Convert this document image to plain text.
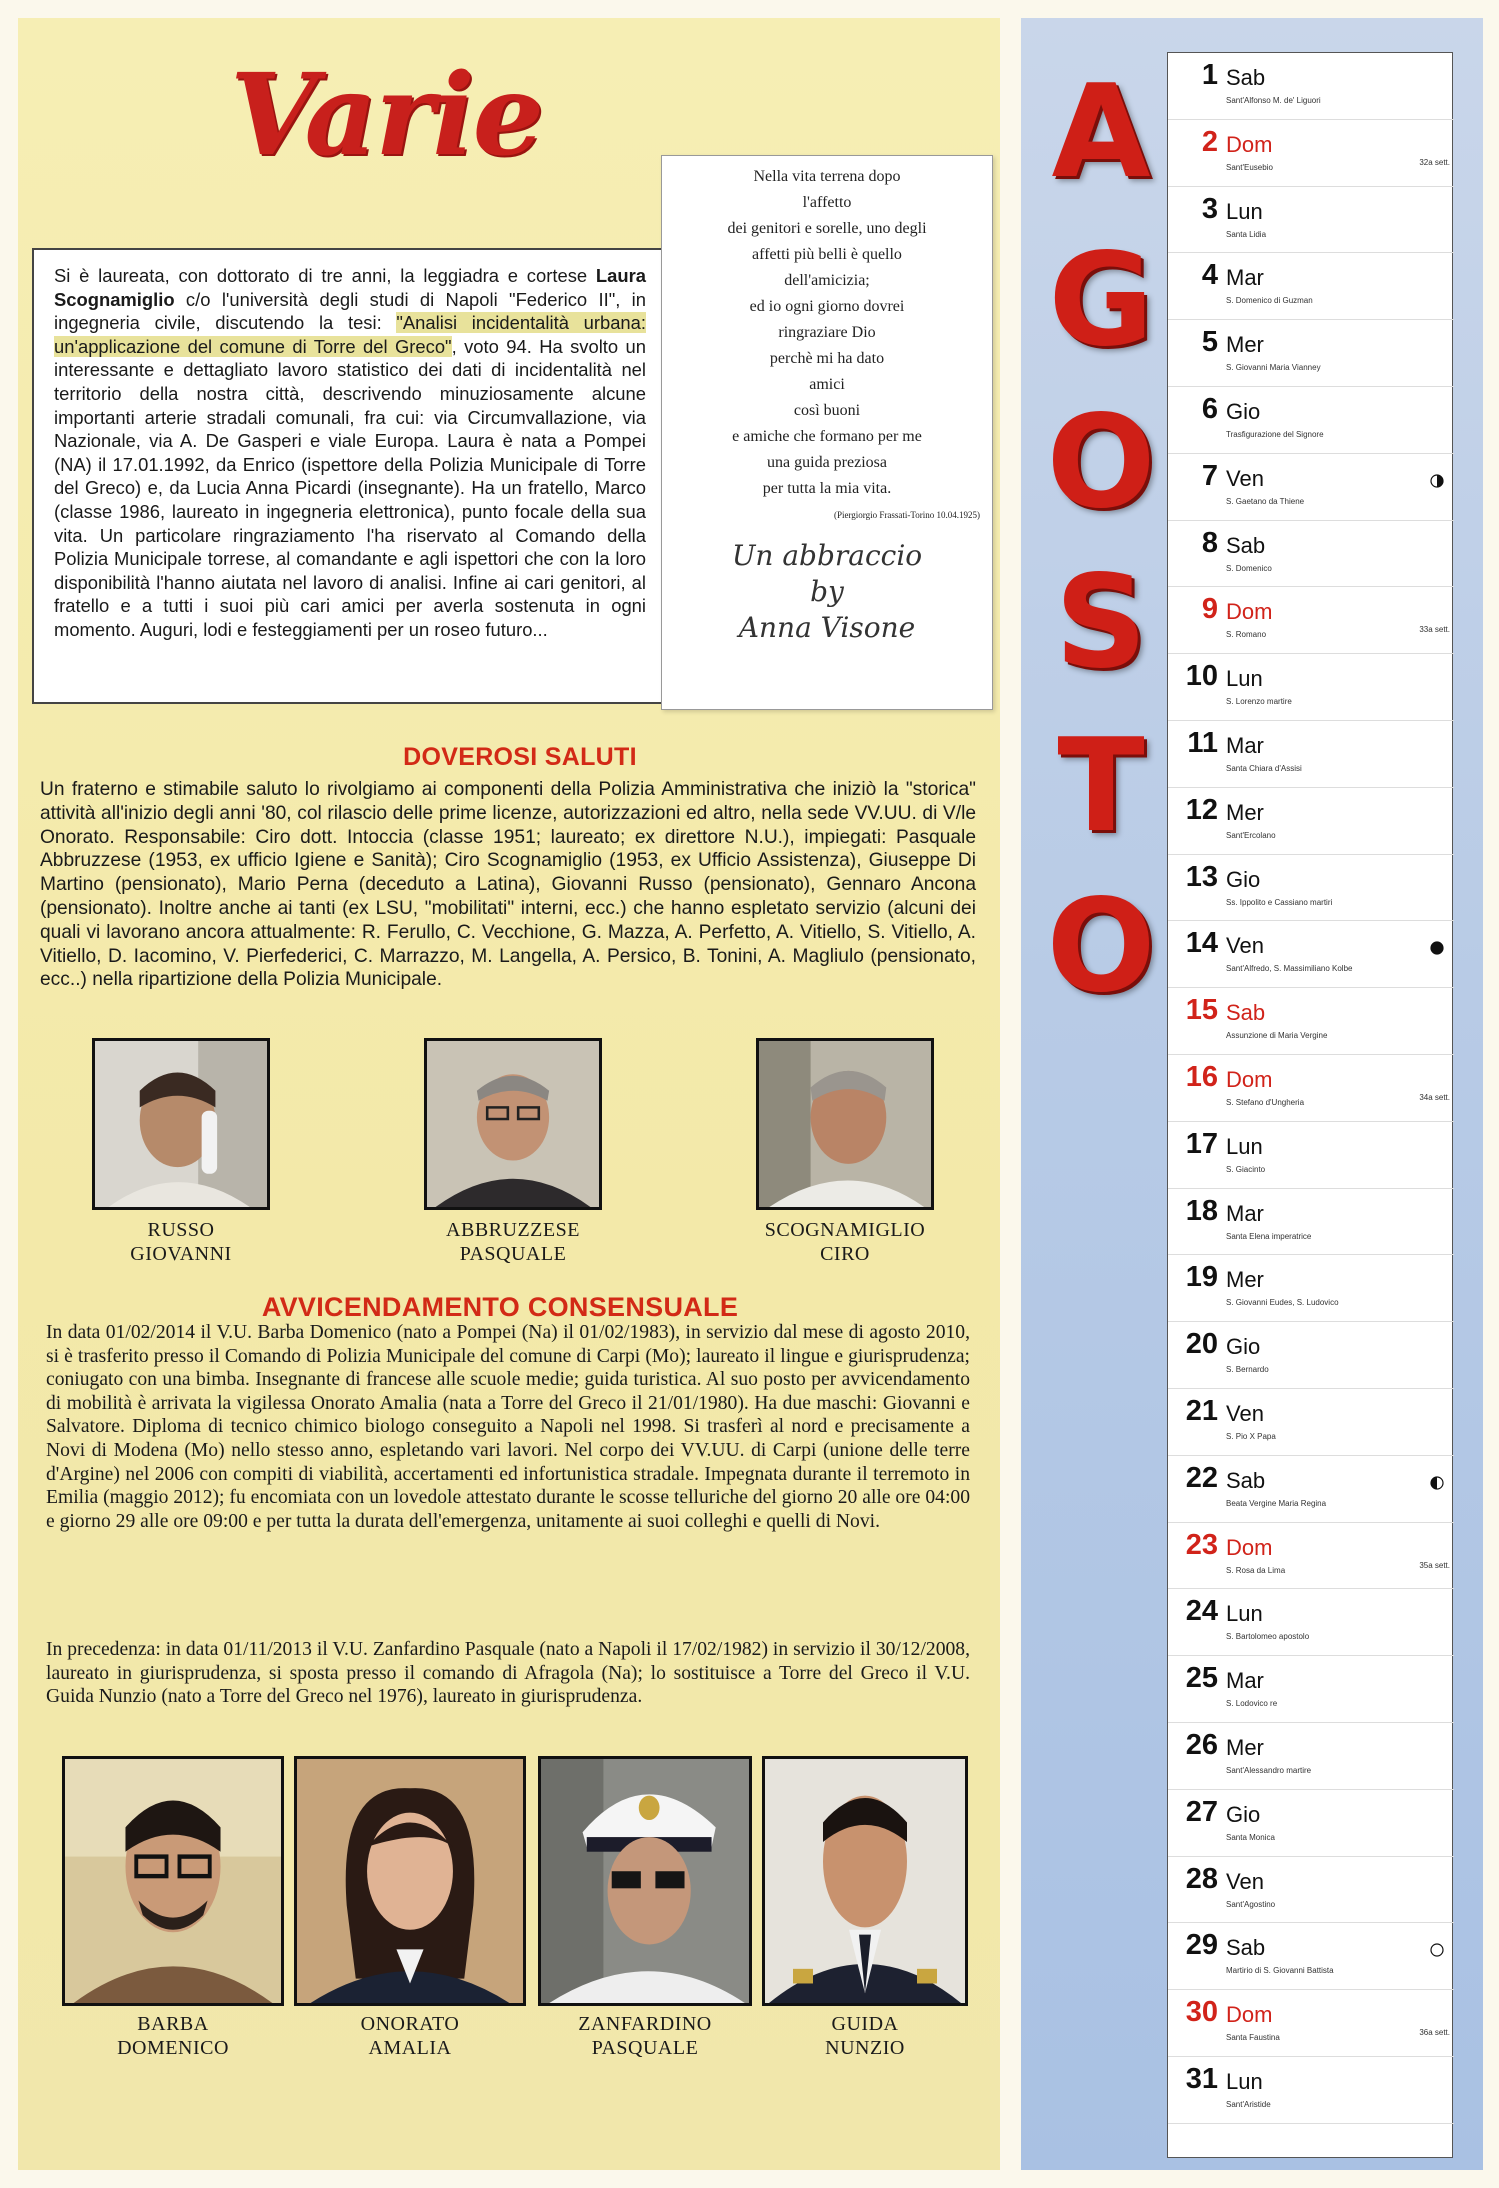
Varie
Si è laureata, con dottorato di tre anni, la leggiadra e cortese Laura Scognamiglio c/o l'università degli studi di Napoli "Federico II", in ingegneria civile, discutendo la tesi: "Analisi incidentalità urbana: un'applicazione del comune di Torre del Greco", voto 94. Ha svolto un interessante e dettagliato lavoro statistico dei dati di incidentalità nel territorio della nostra città, descrivendo minuziosamente alcune importanti arterie stradali comunali, fra cui: via Circumvallazione, via Nazionale, via A. De Gasperi e viale Europa. Laura è nata a Pompei (NA) il 17.01.1992, da Enrico (ispettore della Polizia Municipale di Torre del Greco) e, da Lucia Anna Picardi (insegnante). Ha un fratello, Marco (classe 1986, laureato in ingegneria elettronica), punto focale della sua vita. Un particolare ringraziamento l'ha riservato al Comando della Polizia Municipale torrese, al comandante e agli ispettori che con la loro disponibilità l'hanno aiutata nel lavoro di analisi. Infine ai cari genitori, al fratello e a tutti i suoi più cari amici per averla sostenuta in ogni momento. Auguri, lodi e festeggiamenti per un roseo futuro...
Nella vita terrena dopo
l'affetto
dei genitori e sorelle, uno degli
affetti più belli è quello
dell'amicizia;
ed io ogni giorno dovrei
ringraziare Dio
perchè mi ha dato
amici
così buoni
e amiche che formano per me
una guida preziosa
per tutta la mia vita.
(Piergiorgio Frassati-Torino 10.04.1925)
Un abbraccio
by
Anna Visone
DOVEROSI SALUTI
Un fraterno e stimabile saluto lo rivolgiamo ai componenti della Polizia Amministrativa che iniziò la "storica" attività all'inizio degli anni '80, col rilascio delle prime licenze, autorizzazioni ed altro, nella sede VV.UU. di V/le Onorato. Responsabile: Ciro dott. Intoccia (classe 1951; laureato; ex direttore N.U.), impiegati: Pasquale Abbruzzese (1953, ex ufficio Igiene e Sanità); Ciro Scognamiglio (1953, ex Ufficio Assistenza), Giuseppe Di Martino (pensionato), Mario Perna (deceduto a Latina), Giovanni Russo (pensionato), Gennaro Ancona (pensionato). Inoltre anche ai tanti (ex LSU, "mobilitati" interni, ecc.) che hanno espletato servizio (alcuni dei quali vi lavorano ancora attualmente: R. Ferullo, C. Vecchione, G. Mazza, A. Perfetto, A. Vitiello, S. Vitiello, A. Vitiello, D. Iacomino, V. Pierfederici, C. Marrazzo, M. Langella, A. Persico, B. Tonini, A. Magliulo (pensionato, ecc..) nella ripartizione della Polizia Municipale.
RUSSO
GIOVANNI
ABBRUZZESE
PASQUALE
SCOGNAMIGLIO
CIRO
AVVICENDAMENTO CONSENSUALE
In data 01/02/2014 il V.U. Barba Domenico (nato a Pompei (Na) il 01/02/1983), in servizio dal mese di agosto 2010, si è trasferito presso il Comando di Polizia Municipale del comune di Carpi (Mo); laureato il lingue e giurisprudenza; coniugato con una bimba. Insegnante di francese alle scuole medie; guida turistica. Al suo posto per avvicendamento di mobilità è arrivata la vigilessa Onorato Amalia (nata a Torre del Greco il 21/01/1980). Ha due maschi: Giovanni e Salvatore. Diploma di tecnico chimico biologo conseguito a Napoli nel 1998. Si trasferì al nord e precisamente a Novi di Modena (Mo) nello stesso anno, espletando vari lavori. Nel corpo dei VV.UU. di Carpi (unione delle terre d'Argine) nel 2006 con compiti di viabilità, accertamenti ed infortunistica stradale. Impegnata durante il terremoto in Emilia (maggio 2012); fu encomiata con un lovedole attestato durante le scosse telluriche del giorno 20 alle ore 04:00 e giorno 29 alle ore 09:00 e per tutta la durata dell'emergenza, unitamente ai suoi colleghi e quelli di Novi.
In precedenza: in data 01/11/2013 il V.U. Zanfardino Pasquale (nato a Napoli il 17/02/1982) in servizio il 30/12/2008, laureato in giurisprudenza, si sposta presso il comando di Afragola (Na); lo sostituisce a Torre del Greco il V.U. Guida Nunzio (nato a Torre del Greco nel 1976), laureato in giurisprudenza.
BARBA
DOMENICO
ONORATO
AMALIA
ZANFARDINO
PASQUALE
GUIDA
NUNZIO
A
G
O
S
T
O
1 Sab
Sant'Alfonso M. de' Liguori
2 Dom
Sant'Eusebio
32a sett.
3 Lun
Santa Lidia
4 Mar
S. Domenico di Guzman
5 Mer
S. Giovanni Maria Vianney
6 Gio
Trasfigurazione del Signore
7 Ven
S. Gaetano da Thiene
8 Sab
S. Domenico
9 Dom
S. Romano
33a sett.
10 Lun
S. Lorenzo martire
11 Mar
Santa Chiara d'Assisi
12 Mer
Sant'Ercolano
13 Gio
Ss. Ippolito e Cassiano martiri
14 Ven
Sant'Alfredo, S. Massimiliano Kolbe
15 Sab
Assunzione di Maria Vergine
16 Dom
S. Stefano d'Ungheria
34a sett.
17 Lun
S. Giacinto
18 Mar
Santa Elena imperatrice
19 Mer
S. Giovanni Eudes, S. Ludovico
20 Gio
S. Bernardo
21 Ven
S. Pio X Papa
22 Sab
Beata Vergine Maria Regina
23 Dom
S. Rosa da Lima
35a sett.
24 Lun
S. Bartolomeo apostolo
25 Mar
S. Lodovico re
26 Mer
Sant'Alessandro martire
27 Gio
Santa Monica
28 Ven
Sant'Agostino
29 Sab
Martirio di S. Giovanni Battista
30 Dom
Santa Faustina
36a sett.
31 Lun
Sant'Aristide
